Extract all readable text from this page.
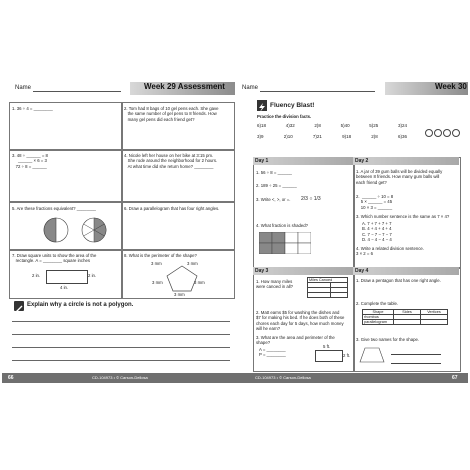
Name	Week 29 Assessment
1. 36 ÷ 4 = ________	2. Tom had 8 bags of 10 gel pens each. She gave
the same number of gel pens to 8 friends. How
many gel pens did each friend get?
3. 48 ÷ ______ = 8
______ × 6 = 3
72 ÷ 8 = ______
4. Nicole left her house on her bike at 3:15 pm.
She rode around the neighborhood for 2 hours.
At what time did she return home? ________
5. Are these fractions equivalent? ________	6. Draw a parallelogram that has four right angles.
7. Draw square units to show the area of the
rectangle. A = ________ square inches
2 in.	2 in.
4 in.
8. What is the perimeter of the shape?
3 mm	3 mm
3 mm	3 mm
3 mm
Explain why a circle is not a polygon.
CD-104973 • © Carson-Dellosa
66
Name	Week 30
Fluency Blast!
Practice the division facts.
6)18	4)32	2)8	5)40	5)25	3)24
3)9	2)10	7)21	9)18	2)8	6)36
Day 1	Day 2
Day 3	Day 4
1. 56 ÷ 8 = ______
2. 189 ÷ 25 = ______
3. Write <, >, or =. 2/3 ○ 1/3
4. What fraction is shaded?
1. A jar of 39 gum balls will be divided equally
between 8 friends. How many gum balls will
each friend get?
2.  ______ ÷ 10 = 8
5 × ______ = 45
10 × 3 = ______
3. Which number sentence is the same as 7 × 4?
A. 7 + 7 + 7 + 7
B. 4 + 4 + 4 + 4
C. 7 − 7 − 7 − 7
D. 4 − 4 − 4 − 4
4. Write a related division sentence.
3 × 2 = 6
1. How many miles
were canoed in all?
Miles Canoed	

2. Matt earns $5 for washing the dishes and
$7 for making his bed. If he does both of these
chores each day for 5 days, how much money
will he earn?
3. What are the area and perimeter of the
shape?
A = ________
P = ________
5 ft.
2 ft.
1. Draw a pentagon that has one right angle.
2. Complete the table.
Shape	Sides	Vertices
rhombus		
parallelogram		
3. Give two names for the shape.
CD-104973 • © Carson-Dellosa	67
